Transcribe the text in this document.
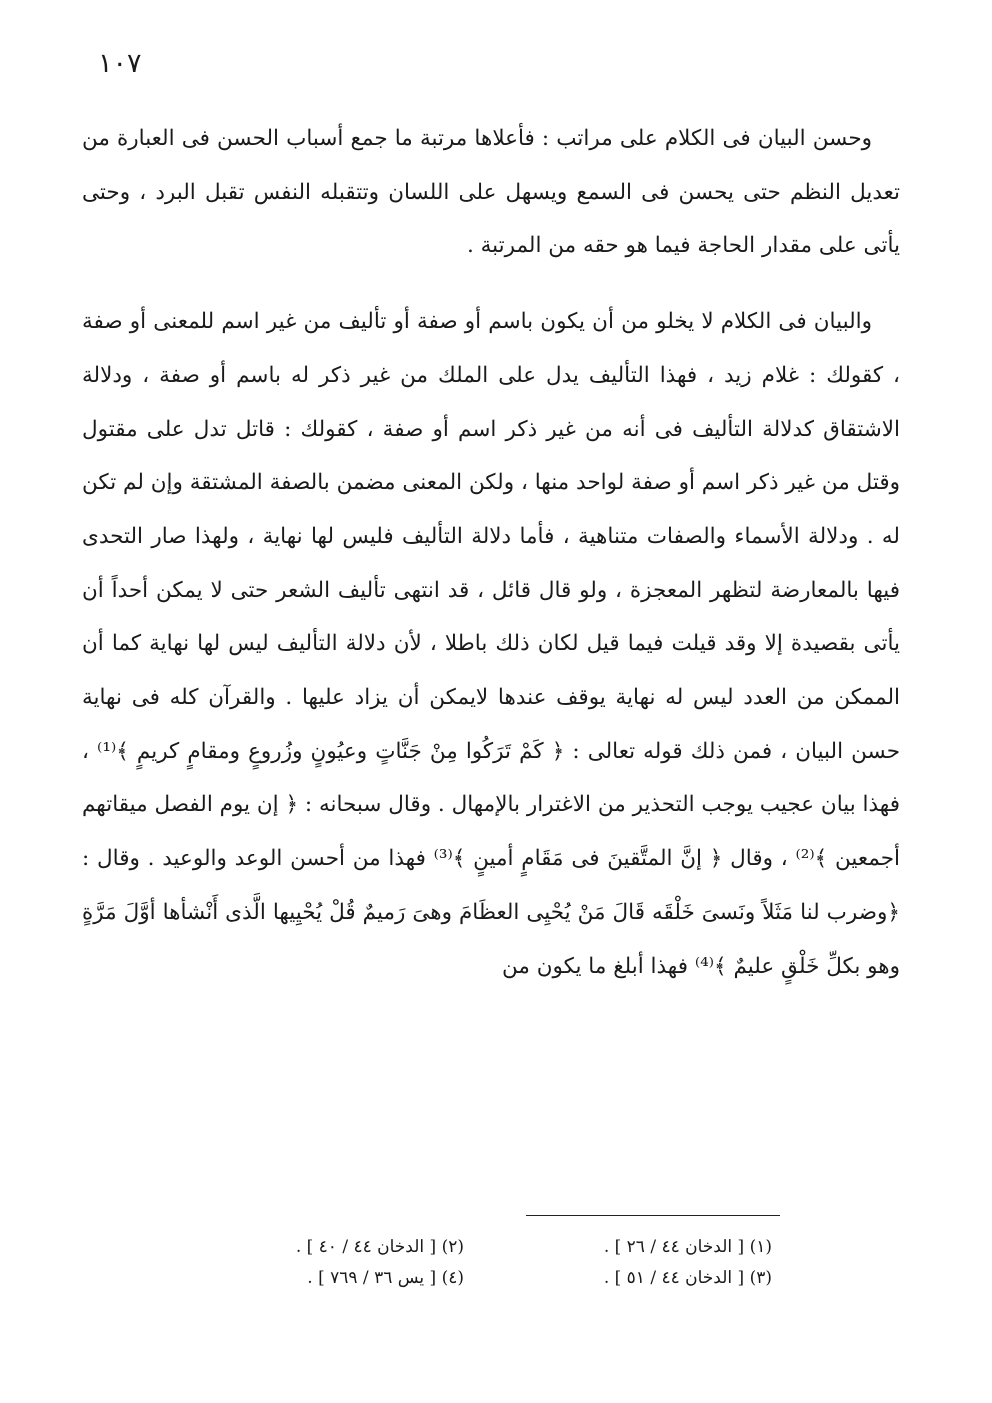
١٠٧

وحسن البيان فى الكلام على مراتب : فأعلاها مرتبة ما جمع أسباب الحسن فى العبارة من تعديل النظم حتى يحسن فى السمع ويسهل على اللسان وتتقبله النفس تقبل البرد ، وحتى يأتى على مقدار الحاجة فيما هو حقه من المرتبة .

والبيان فى الكلام لا يخلو من أن يكون باسم أو صفة أو تأليف من غير اسم للمعنى أو صفة ، كقولك : غلام زيد ، فهذا التأليف يدل على الملك من غير ذكر له باسم أو صفة ، ودلالة الاشتقاق كدلالة التأليف فى أنه من غير ذكر اسم أو صفة ، كقولك : قاتل تدل على مقتول وقتل من غير ذكر اسم أو صفة لواحد منها ، ولكن المعنى مضمن بالصفة المشتقة وإن لم تكن له . ودلالة الأسماء والصفات متناهية ، فأما دلالة التأليف فليس لها نهاية ، ولهذا صار التحدى فيها بالمعارضة لتظهر المعجزة ، ولو قال قائل ، قد انتهى تأليف الشعر حتى لا يمكن أحداً أن يأتى بقصيدة إلا وقد قيلت فيما قيل لكان ذلك باطلا ، لأن دلالة التأليف ليس لها نهاية كما أن الممكن من العدد ليس له نهاية يوقف عندها لايمكن أن يزاد عليها . والقرآن كله فى نهاية حسن البيان ، فمن ذلك قوله تعالى : ﴿ كَمْ تَرَكُوا مِنْ جَنَّاتٍ وعيُونٍ وزُروعٍ ومقامٍ كريمٍ ﴾⁽¹⁾ ، فهذا بيان عجيب يوجب التحذير من الاغترار بالإمهال . وقال سبحانه : ﴿ إن يوم الفصل ميقاتهم أجمعين ﴾⁽²⁾ ، وقال ﴿ إنَّ المتَّقينَ فى مَقَامٍ أمينٍ ﴾⁽³⁾ فهذا من أحسن الوعد والوعيد . وقال : ﴿وضرب لنا مَثَلاً ونَسىَ خَلْقَه قَالَ مَنْ يُحْيِى العظَامَ وهىَ رَميمٌ قُلْ يُحْيِيها الَّذى أَنْشأها أوَّلَ مَرَّةٍ وهو بكلِّ خَلْقٍ عليمٌ ﴾⁽⁴⁾ فهذا أبلغ ما يكون من

(١) [ الدخان ٤٤ / ٢٦ ] .
(٢) [ الدخان ٤٤ / ٤٠ ] .
(٣) [ الدخان ٤٤ / ٥١ ] .
(٤) [ يس ٣٦ / ٧٦٩ ] .
